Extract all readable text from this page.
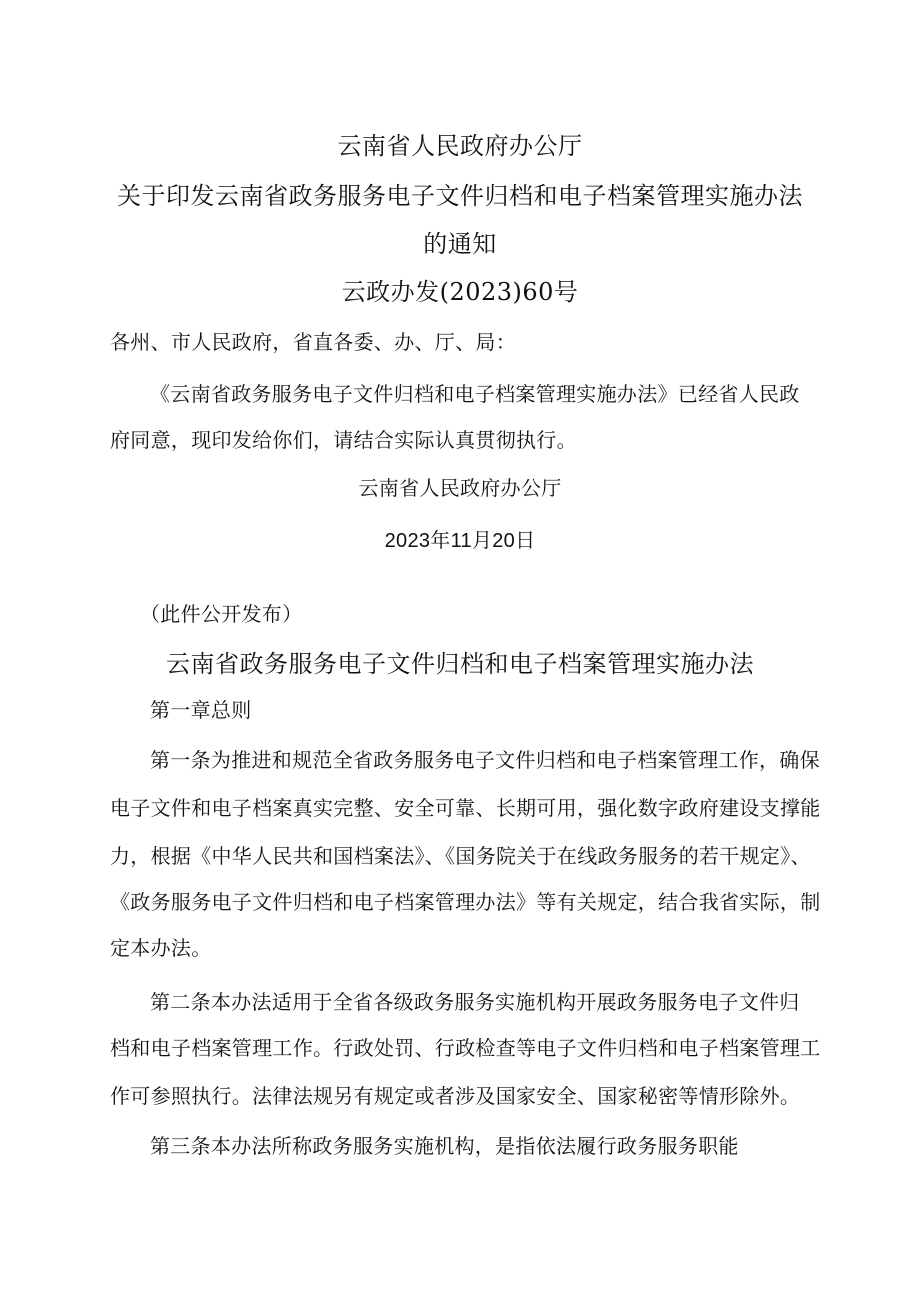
云南省人民政府办公厅
关于印发云南省政务服务电子文件归档和电子档案管理实施办法
的通知
云政办发(2023)60号
各州、市人民政府，省直各委、办、厅、局：
《云南省政务服务电子文件归档和电子档案管理实施办法》已经省人民政
府同意，现印发给你们，请结合实际认真贯彻执行。
云南省人民政府办公厅
2023年11月20日
（此件公开发布）
云南省政务服务电子文件归档和电子档案管理实施办法
第一章总则
第一条为推进和规范全省政务服务电子文件归档和电子档案管理工作，确保
电子文件和电子档案真实完整、安全可靠、长期可用，强化数字政府建设支撑能
力，根据《中华人民共和国档案法》、《国务院关于在线政务服务的若干规定》、
《政务服务电子文件归档和电子档案管理办法》等有关规定，结合我省实际，制
定本办法。
第二条本办法适用于全省各级政务服务实施机构开展政务服务电子文件归
档和电子档案管理工作。行政处罚、行政检查等电子文件归档和电子档案管理工
作可参照执行。法律法规另有规定或者涉及国家安全、国家秘密等情形除外。
第三条本办法所称政务服务实施机构，是指依法履行政务服务职能
